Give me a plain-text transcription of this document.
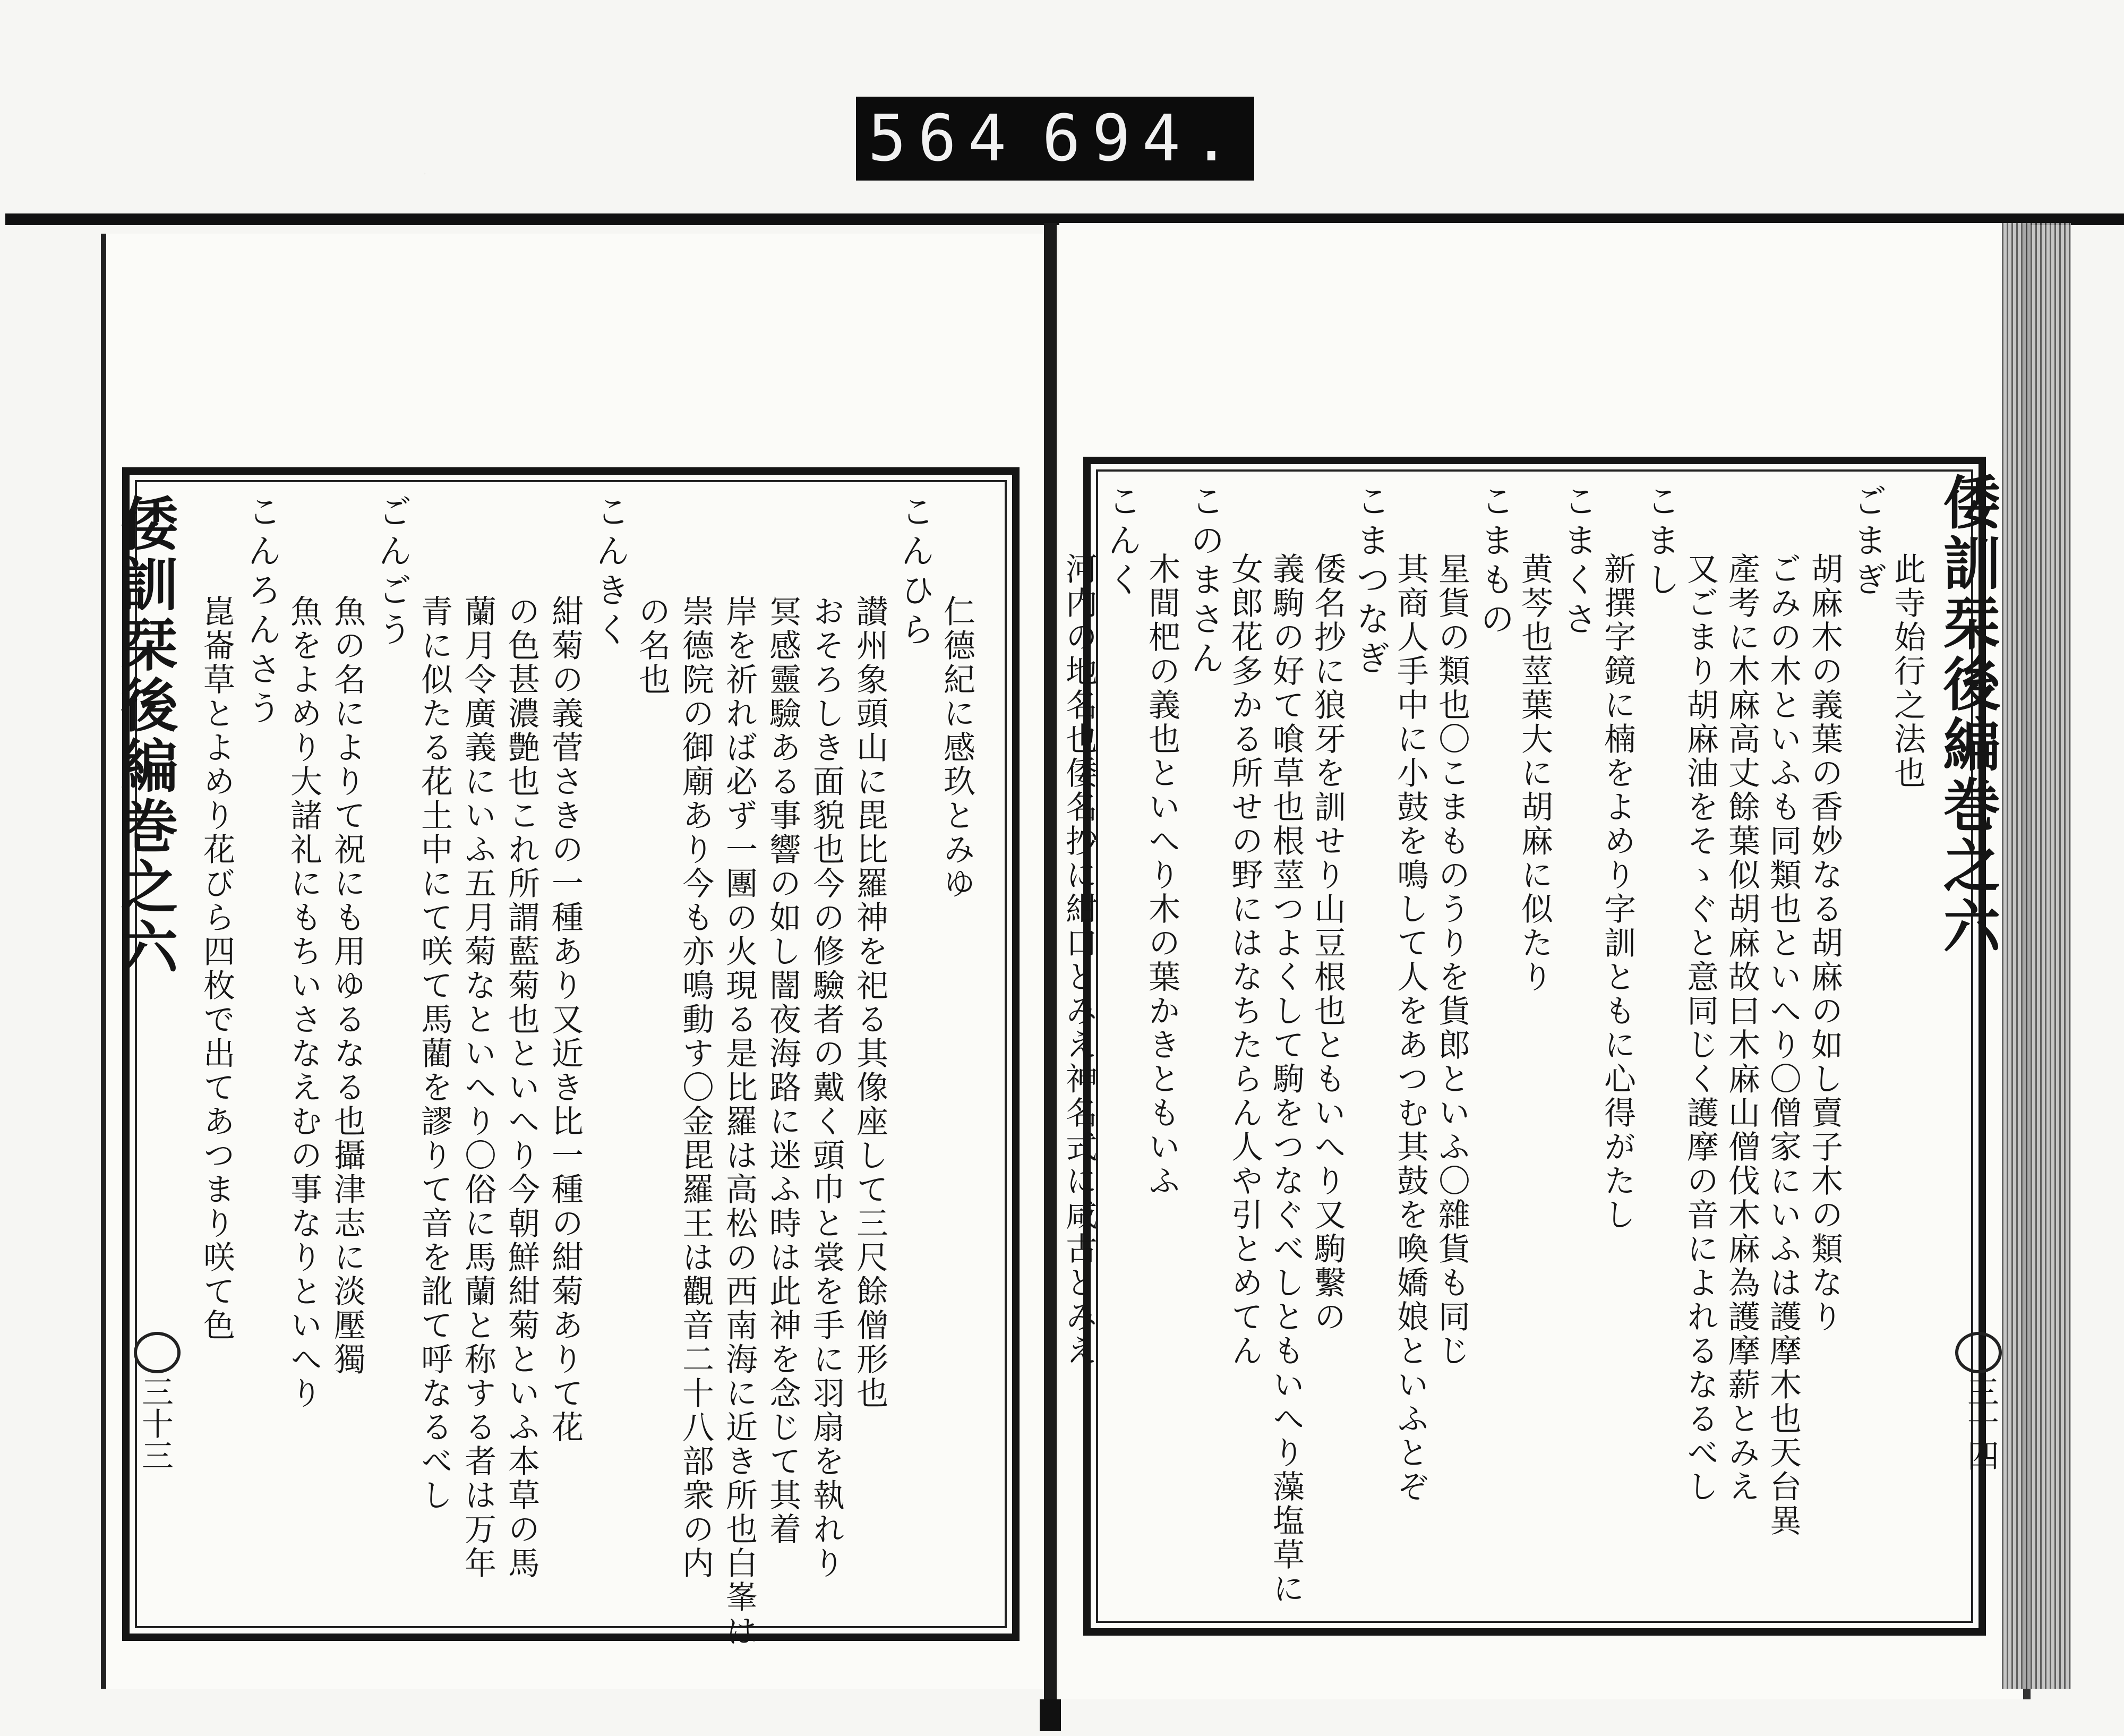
564 694.
倭訓栞後編巻之六	倭訓栞後編巻之六
三十三	三十四
仁德紀に感玖とみゆ
こんひら
讃州象頭山に毘比羅神を祀る其像座して三尺餘僧形也
おそろしき面貌也今の修驗者の戴く頭巾と裳を手に羽扇を執れり
冥感靈驗ある事響の如し闇夜海路に迷ふ時は此神を念じて其着
岸を祈れば必ず一團の火現る是比羅は高松の西南海に近き所也白峯は
崇德院の御廟あり今も亦鳴動す〇金毘羅王は觀音二十八部衆の内
の名也
こんきく
紺菊の義菅さきの一種あり又近き比一種の紺菊ありて花
の色甚濃艶也これ所謂藍菊也といへり今朝鮮紺菊といふ本草の馬
蘭月令廣義にいふ五月菊なといへり〇俗に馬蘭と称する者は万年
青に似たる花土中にて咲て馬藺を謬りて音を訛て呼なるべし
ごんごう
魚の名によりて祝にも用ゆるなる也攝津志に淡壓獨
魚をよめり大諸礼にもちいさなえむの事なりといへり
こんろんさう
崑崙草とよめり花びら四枚で出てあつまり咲て色	此寺始行之法也
ごまぎ
胡麻木の義葉の香妙なる胡麻の如し賣子木の類なり
ごみの木といふも同類也といへり〇僧家にいふは護摩木也天台異
產考に木麻高丈餘葉似胡麻故曰木麻山僧伐木麻為護摩薪とみえ
又ごまり胡麻油をそゝぐと意同じく護摩の音によれるなるべし
こまし
新撰字鏡に楠をよめり字訓ともに心得がたし
こまくさ
黄芩也莖葉大に胡麻に似たり
こまもの
星貨の類也〇こまものうりを貨郎といふ〇雜貨も同じ
其商人手中に小鼓を鳴して人をあつむ其鼓を喚嬌娘といふとぞ
こまつなぎ
倭名抄に狼牙を訓せり山豆根也ともいへり又駒繫の
義駒の好て喰草也根莖つよくして駒をつなぐべしともいへり藻塩草に
女郎花多かる所せの野にはなちたらん人や引とめてん
このまさん
木間杷の義也といへり木の葉かきともいふ
こんく
河内の地名也倭名抄に紺口とみえ神名式に咸古とみえ
